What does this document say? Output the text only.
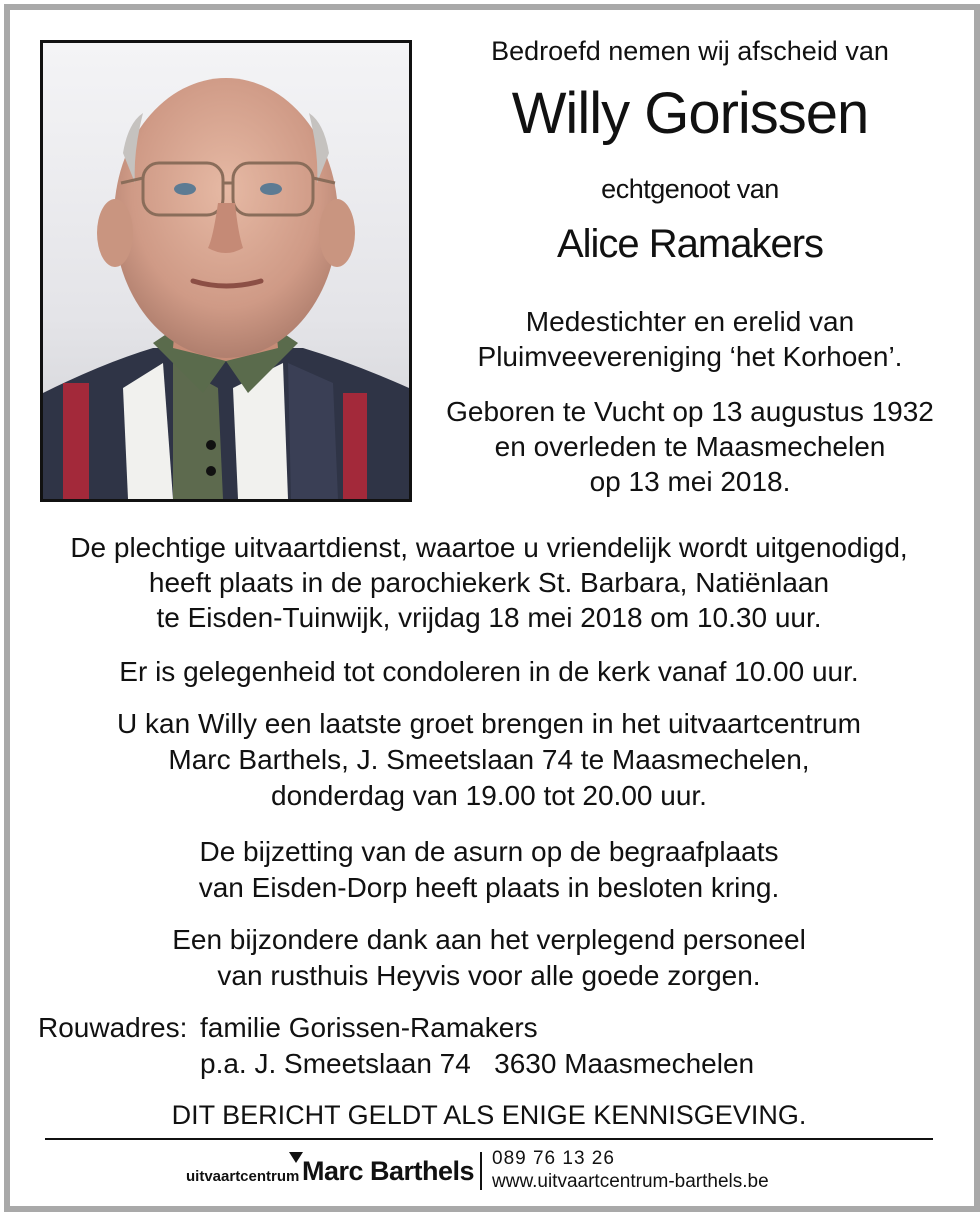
Bedroefd nemen wij afscheid van
Willy Gorissen
echtgenoot van
Alice Ramakers
Medestichter en erelid van
Pluimveevereniging ‘het Korhoen’.
Geboren te Vucht op 13 augustus 1932
en overleden te Maasmechelen
op 13 mei 2018.
De plechtige uitvaartdienst, waartoe u vriendelijk wordt uitgenodigd,
heeft plaats in de parochiekerk St. Barbara, Natiënlaan
te Eisden-Tuinwijk, vrijdag 18 mei 2018 om 10.30 uur.
Er is gelegenheid tot condoleren in de kerk vanaf 10.00 uur.
U kan Willy een laatste groet brengen in het uitvaartcentrum
Marc Barthels, J. Smeetslaan 74 te Maasmechelen,
donderdag van 19.00 tot 20.00 uur.
De bijzetting van de asurn op de begraafplaats
van Eisden-Dorp heeft plaats in besloten kring.
Een bijzondere dank aan het verplegend personeel
van rusthuis Heyvis voor alle goede zorgen.
Rouwadres: familie Gorissen-Ramakers
p.a. J. Smeetslaan 74   3630 Maasmechelen
DIT BERICHT GELDT ALS ENIGE KENNISGEVING.
uitvaartcentrum Marc Barthels 089 76 13 26
www.uitvaartcentrum-barthels.be
